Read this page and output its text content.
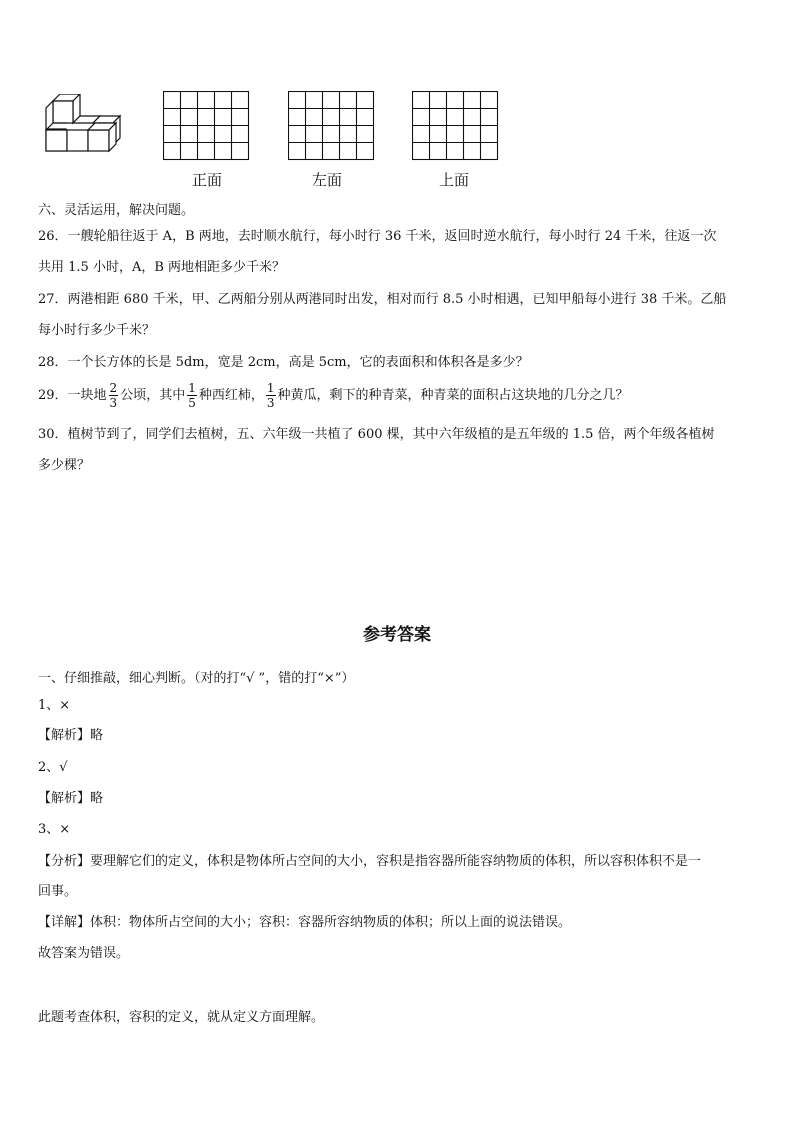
正面	左面	上面
六、灵活运用，解决问题。
26．一艘轮船往返于 A，B 两地，去时顺水航行，每小时行 36 千米，返回时逆水航行，每小时行 24 千米，往返一次
共用 1.5 小时，A，B 两地相距多少千米？
27．两港相距 680 千米，甲、乙两船分别从两港同时出发，相对而行 8.5 小时相遇，已知甲船每小进行 38 千米。乙船
每小时行多少千米？
28．一个长方体的长是 5dm，宽是 2cm，高是 5cm，它的表面积和体积各是多少？
29．一块地 $\frac{2}{3}$ 公顷，其中 $\frac{1}{5}$ 种西红柿， $\frac{1}{3}$ 种黄瓜，剩下的种青菜，种青菜的面积占这块地的几分之几？
30．植树节到了，同学们去植树，五、六年级一共植了 600 棵，其中六年级植的是五年级的 1.5 倍，两个年级各植树
多少棵？
参考答案
一、仔细推敲，细心判断。（对的打“√ ”，错的打“×”）
1、×
【解析】略
2、√
【解析】略
3、×
【分析】要理解它们的定义，体积是物体所占空间的大小，容积是指容器所能容纳物质的体积，所以容积体积不是一
回事。
【详解】体积：物体所占空间的大小；容积：容器所容纳物质的体积；所以上面的说法错误。
故答案为错误。
此题考查体积，容积的定义，就从定义方面理解。
